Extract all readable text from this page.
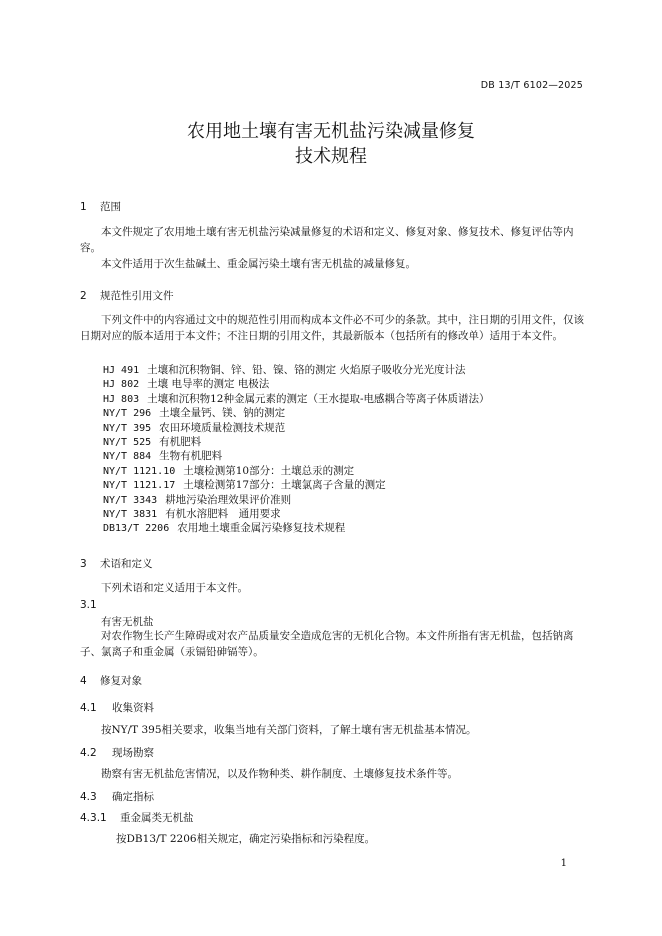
DB 13/T 6102—2025
农用地土壤有害无机盐污染减量修复
技术规程
1 范围
本文件规定了农用地土壤有害无机盐污染减量修复的术语和定义、修复对象、修复技术、修复评估等内容。
本文件适用于次生盐碱土、重金属污染土壤有害无机盐的减量修复。
2 规范性引用文件
下列文件中的内容通过文中的规范性引用而构成本文件必不可少的条款。其中，注日期的引用文件，仅该日期对应的版本适用于本文件；不注日期的引用文件，其最新版本（包括所有的修改单）适用于本文件。
HJ 491 土壤和沉积物铜、锌、铅、镍、铬的测定 火焰原子吸收分光光度计法
HJ 802 土壤 电导率的测定 电极法
HJ 803 土壤和沉积物12种金属元素的测定（王水提取-电感耦合等离子体质谱法）
NY/T 296 土壤全量钙、镁、钠的测定
NY/T 395 农田环境质量检测技术规范
NY/T 525 有机肥料
NY/T 884 生物有机肥料
NY/T 1121.10 土壤检测第10部分：土壤总汞的测定
NY/T 1121.17 土壤检测第17部分：土壤氯离子含量的测定
NY/T 3343 耕地污染治理效果评价准则
NY/T 3831 有机水溶肥料　通用要求
DB13/T 2206 农用地土壤重金属污染修复技术规程
3 术语和定义
下列术语和定义适用于本文件。
3.1
有害无机盐
对农作物生长产生障碍或对农产品质量安全造成危害的无机化合物。本文件所指有害无机盐，包括钠离子、氯离子和重金属（汞镉铅砷镉等）。
4 修复对象
4.1 收集资料
按NY/T 395相关要求，收集当地有关部门资料，了解土壤有害无机盐基本情况。
4.2 现场勘察
勘察有害无机盐危害情况，以及作物种类、耕作制度、土壤修复技术条件等。
4.3 确定指标
4.3.1 重金属类无机盐
按DB13/T 2206相关规定，确定污染指标和污染程度。
1
